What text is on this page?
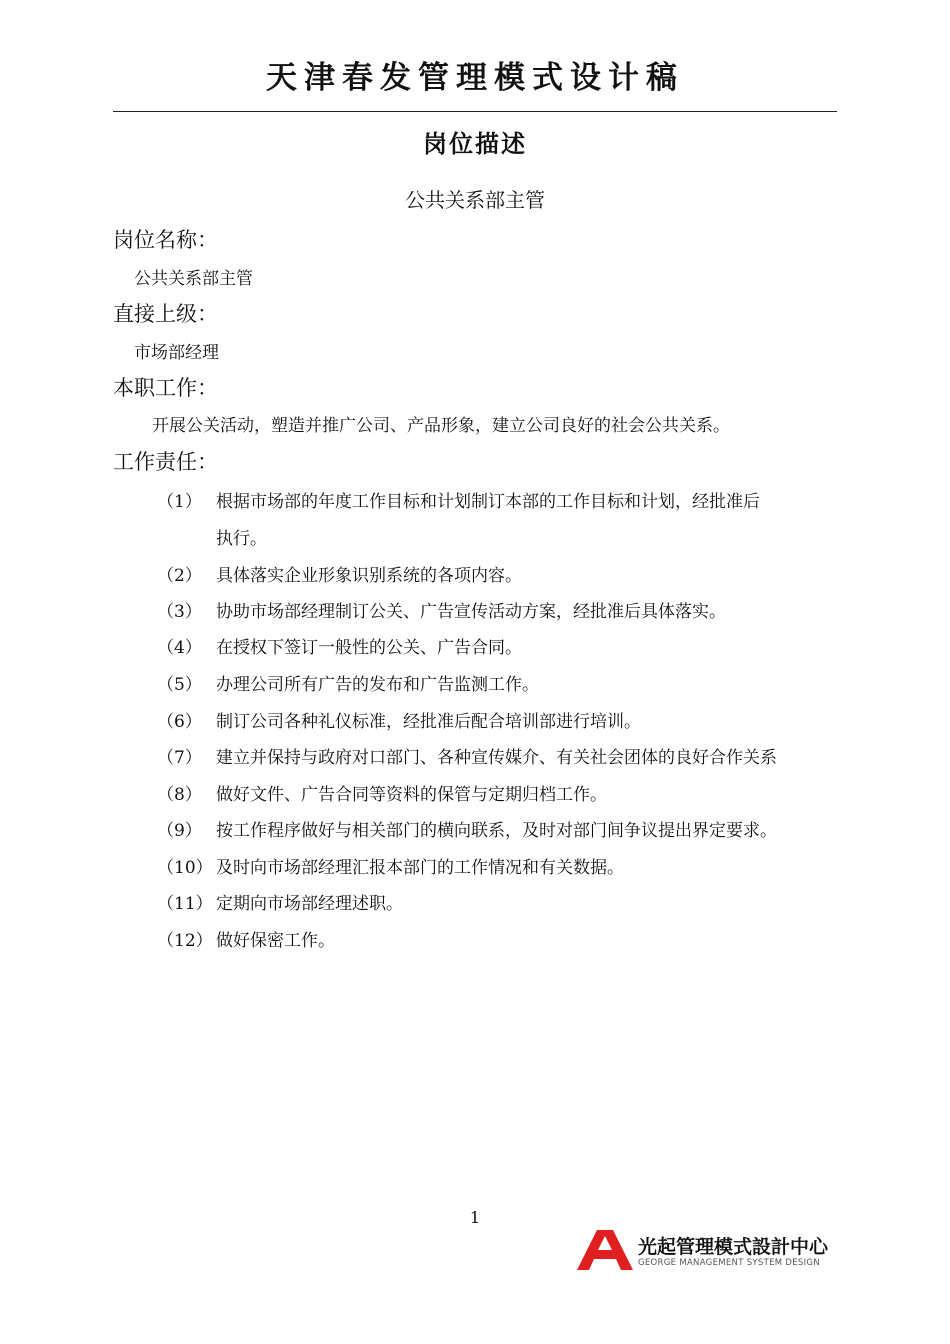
天津春发管理模式设计稿
岗位描述
公共关系部主管
岗位名称：
公共关系部主管
直接上级：
市场部经理
本职工作：
开展公关活动，塑造并推广公司、产品形象，建立公司良好的社会公共关系。
工作责任：
（1） 根据市场部的年度工作目标和计划制订本部的工作目标和计划，经批准后
执行。
（2） 具体落实企业形象识别系统的各项内容。
（3） 协助市场部经理制订公关、广告宣传活动方案，经批准后具体落实。
（4） 在授权下签订一般性的公关、广告合同。
（5） 办理公司所有广告的发布和广告监测工作。
（6） 制订公司各种礼仪标准，经批准后配合培训部进行培训。
（7） 建立并保持与政府对口部门、各种宣传媒介、有关社会团体的良好合作关系
（8） 做好文件、广告合同等资料的保管与定期归档工作。
（9） 按工作程序做好与相关部门的横向联系，及时对部门间争议提出界定要求。
（10） 及时向市场部经理汇报本部门的工作情况和有关数据。
（11） 定期向市场部经理述职。
（12） 做好保密工作。
1
光起管理模式設計中心
GEORGE MANAGEMENT SYSTEM DESIGN
